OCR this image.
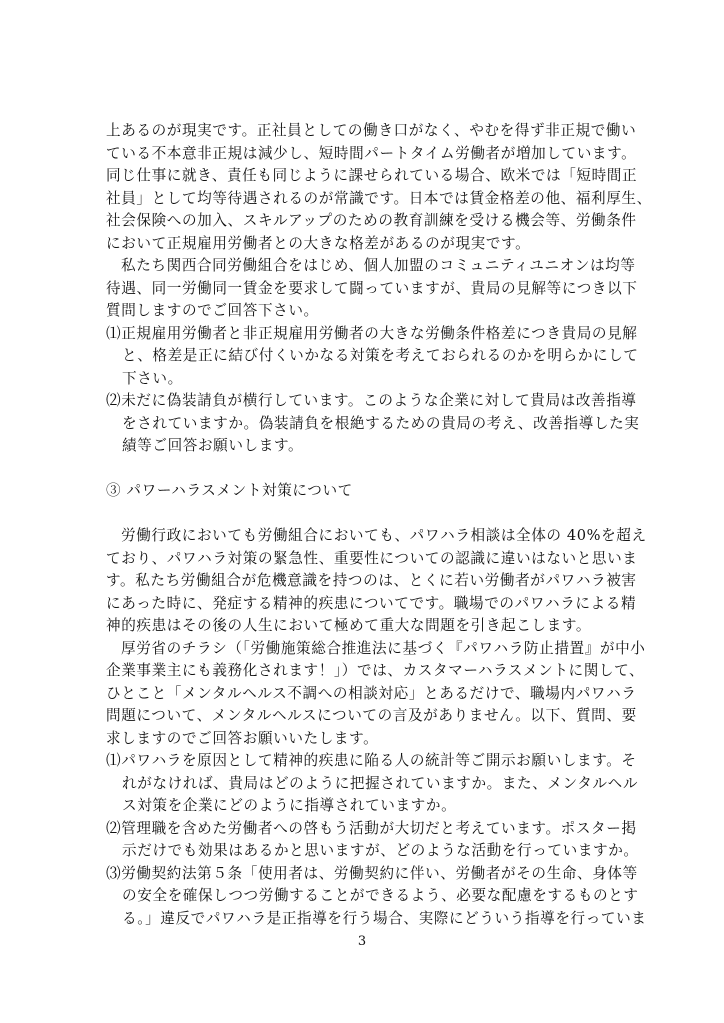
上あるのが現実です。正社員としての働き口がなく、やむを得ず非正規で働い
ている不本意非正規は減少し、短時間パートタイム労働者が増加しています。
同じ仕事に就き、責任も同じように課せられている場合、欧米では「短時間正
社員」として均等待遇されるのが常識です。日本では賃金格差の他、福利厚生、
社会保険への加入、スキルアップのための教育訓練を受ける機会等、労働条件
において正規雇用労働者との大きな格差があるのが現実です。
私たち関西合同労働組合をはじめ、個人加盟のコミュニティユニオンは均等
待遇、同一労働同一賃金を要求して闘っていますが、貴局の見解等につき以下
質問しますのでご回答下さい。
⑴正規雇用労働者と非正規雇用労働者の大きな労働条件格差につき貴局の見解
と、格差是正に結び付くいかなる対策を考えておられるのかを明らかにして
下さい。
⑵未だに偽装請負が横行しています。このような企業に対して貴局は改善指導
をされていますか。偽装請負を根絶するための貴局の考え、改善指導した実
績等ご回答お願いします。
③ パワーハラスメント対策について
労働行政においても労働組合においても、パワハラ相談は全体の 40%を超え
ており、パワハラ対策の緊急性、重要性についての認識に違いはないと思いま
す。私たち労働組合が危機意識を持つのは、とくに若い労働者がパワハラ被害
にあった時に、発症する精神的疾患についてです。職場でのパワハラによる精
神的疾患はその後の人生において極めて重大な問題を引き起こします。
厚労省のチラシ（「労働施策総合推進法に基づく『パワハラ防止措置』が中小
企業事業主にも義務化されます！」）では、カスタマーハラスメントに関して、
ひとこと「メンタルヘルス不調への相談対応」とあるだけで、職場内パワハラ
問題について、メンタルヘルスについての言及がありません。以下、質問、要
求しますのでご回答お願いいたします。
⑴パワハラを原因として精神的疾患に陥る人の統計等ご開示お願いします。そ
れがなければ、貴局はどのように把握されていますか。また、メンタルヘル
ス対策を企業にどのように指導されていますか。
⑵管理職を含めた労働者への啓もう活動が大切だと考えています。ポスター掲
示だけでも効果はあるかと思いますが、どのような活動を行っていますか。
⑶労働契約法第５条「使用者は、労働契約に伴い、労働者がその生命、身体等
の安全を確保しつつ労働することができるよう、必要な配慮をするものとす
る。」違反でパワハラ是正指導を行う場合、実際にどういう指導を行っていま
3
